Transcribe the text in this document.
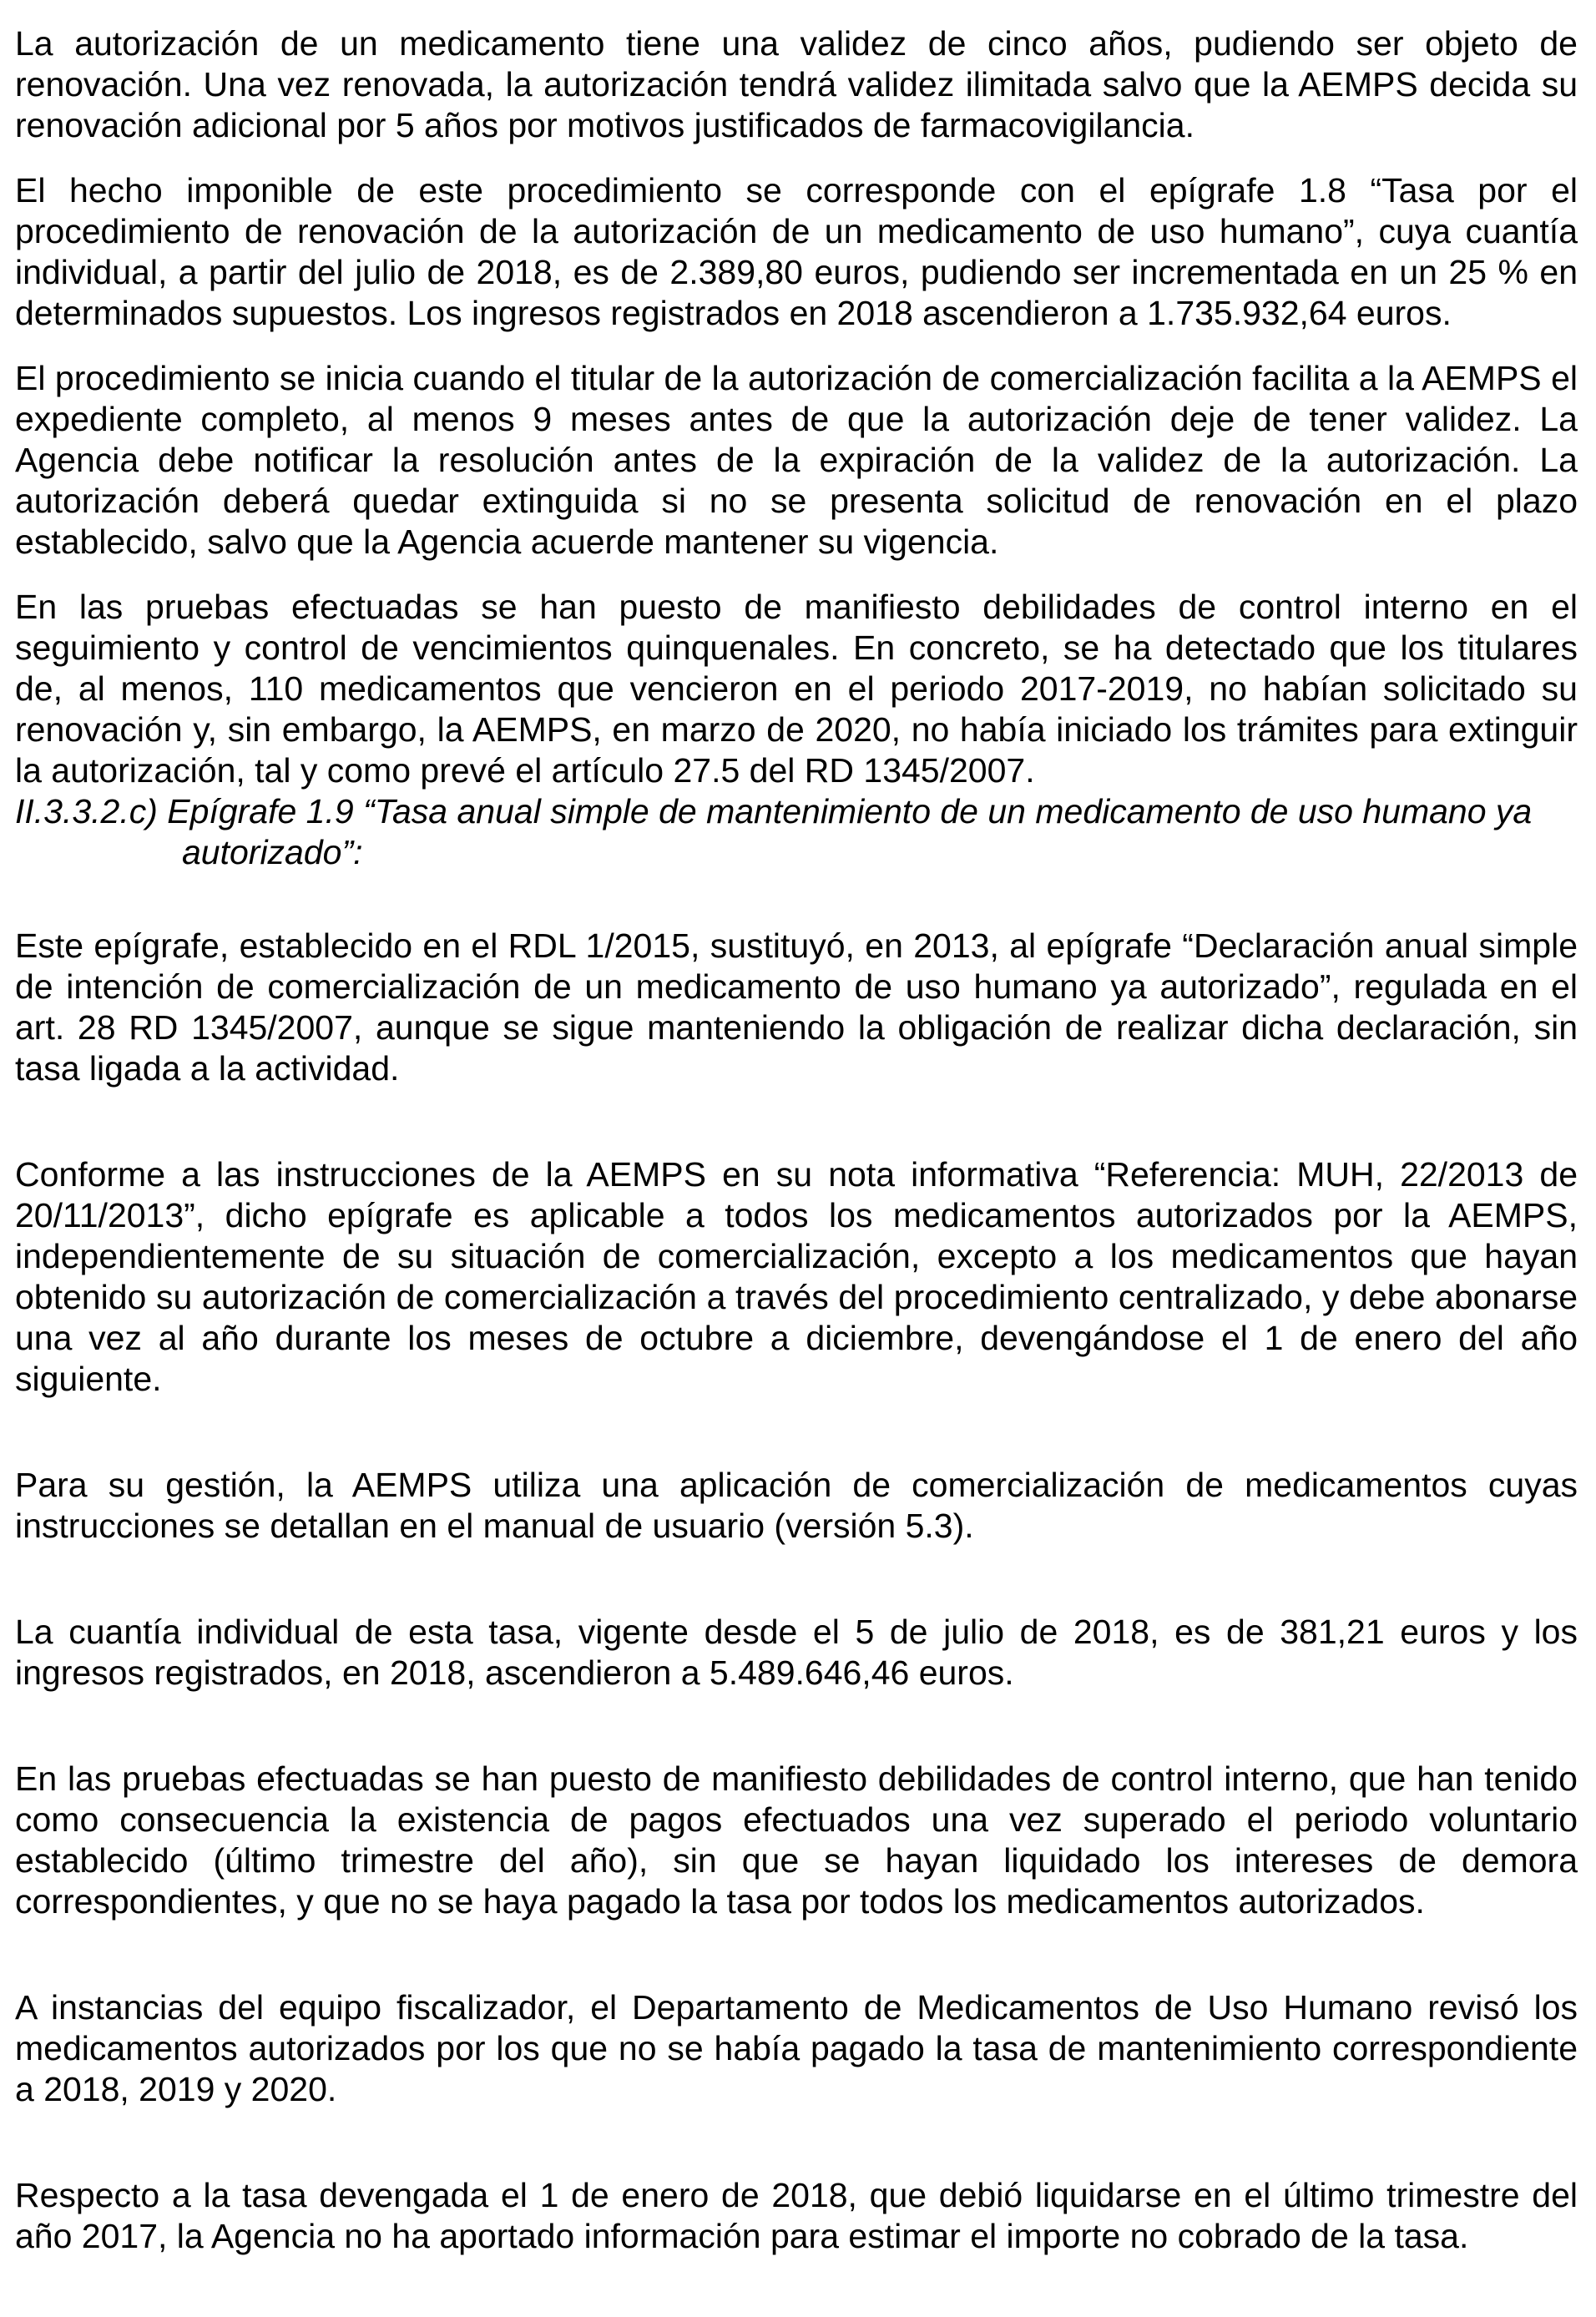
La autorización de un medicamento tiene una validez de cinco años, pudiendo ser objeto de renovación. Una vez renovada, la autorización tendrá validez ilimitada salvo que la AEMPS decida su renovación adicional por 5 años por motivos justificados de farmacovigilancia.

El hecho imponible de este procedimiento se corresponde con el epígrafe 1.8 “Tasa por el procedimiento de renovación de la autorización de un medicamento de uso humano”, cuya cuantía individual, a partir del julio de 2018, es de 2.389,80 euros, pudiendo ser incrementada en un 25 % en determinados supuestos. Los ingresos registrados en 2018 ascendieron a 1.735.932,64 euros.

El procedimiento se inicia cuando el titular de la autorización de comercialización facilita a la AEMPS el expediente completo, al menos 9 meses antes de que la autorización deje de tener validez. La Agencia debe notificar la resolución antes de la expiración de la validez de la autorización. La autorización deberá quedar extinguida si no se presenta solicitud de renovación en el plazo establecido, salvo que la Agencia acuerde mantener su vigencia.

En las pruebas efectuadas se han puesto de manifiesto debilidades de control interno en el seguimiento y control de vencimientos quinquenales. En concreto, se ha detectado que los titulares de, al menos, 110 medicamentos que vencieron en el periodo 2017-2019, no habían solicitado su renovación y, sin embargo, la AEMPS, en marzo de 2020, no había iniciado los trámites para extinguir la autorización, tal y como prevé el artículo 27.5 del RD 1345/2007.

II.3.3.2.c) Epígrafe 1.9 “Tasa anual simple de mantenimiento de un medicamento de uso humano ya autorizado”:

Este epígrafe, establecido en el RDL 1/2015, sustituyó, en 2013, al epígrafe “Declaración anual simple de intención de comercialización de un medicamento de uso humano ya autorizado”, regulada en el art. 28 RD 1345/2007, aunque se sigue manteniendo la obligación de realizar dicha declaración, sin tasa ligada a la actividad.

Conforme a las instrucciones de la AEMPS en su nota informativa “Referencia: MUH, 22/2013 de 20/11/2013”, dicho epígrafe es aplicable a todos los medicamentos autorizados por la AEMPS, independientemente de su situación de comercialización, excepto a los medicamentos que hayan obtenido su autorización de comercialización a través del procedimiento centralizado, y debe abonarse una vez al año durante los meses de octubre a diciembre, devengándose el 1 de enero del año siguiente.

Para su gestión, la AEMPS utiliza una aplicación de comercialización de medicamentos cuyas instrucciones se detallan en el manual de usuario (versión 5.3).

La cuantía individual de esta tasa, vigente desde el 5 de julio de 2018, es de 381,21 euros y los ingresos registrados, en 2018, ascendieron a 5.489.646,46 euros.

En las pruebas efectuadas se han puesto de manifiesto debilidades de control interno, que han tenido como consecuencia la existencia de pagos efectuados una vez superado el periodo voluntario establecido (último trimestre del año), sin que se hayan liquidado los intereses de demora correspondientes, y que no se haya pagado la tasa por todos los medicamentos autorizados.

A instancias del equipo fiscalizador, el Departamento de Medicamentos de Uso Humano revisó los medicamentos autorizados por los que no se había pagado la tasa de mantenimiento correspondiente a 2018, 2019 y 2020.

Respecto a la tasa devengada el 1 de enero de 2018, que debió liquidarse en el último trimestre del año 2017, la Agencia no ha aportado información para estimar el importe no cobrado de la tasa.
